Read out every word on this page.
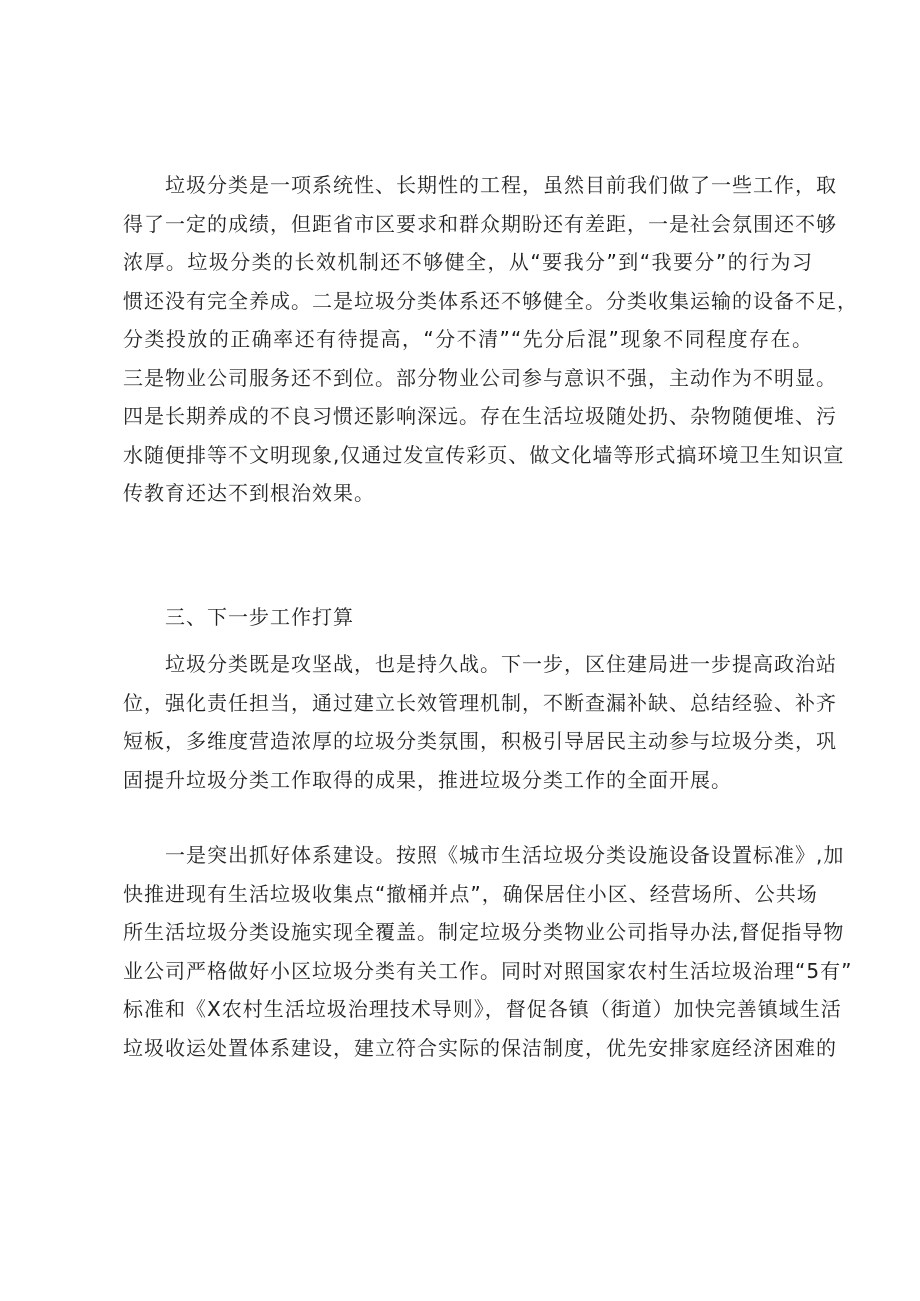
垃圾分类是一项系统性、长期性的工程，虽然目前我们做了一些工作，取
得了一定的成绩，但距省市区要求和群众期盼还有差距，一是社会氛围还不够
浓厚。垃圾分类的长效机制还不够健全，从“要我分”到“我要分”的行为习
惯还没有完全养成。二是垃圾分类体系还不够健全。分类收集运输的设备不足，
分类投放的正确率还有待提高，“分不清”“先分后混”现象不同程度存在。
三是物业公司服务还不到位。部分物业公司参与意识不强，主动作为不明显。
四是长期养成的不良习惯还影响深远。存在生活垃圾随处扔、杂物随便堆、污
水随便排等不文明现象,仅通过发宣传彩页、做文化墙等形式搞环境卫生知识宣
传教育还达不到根治效果。
三、下一步工作打算
垃圾分类既是攻坚战，也是持久战。下一步，区住建局进一步提高政治站
位，强化责任担当，通过建立长效管理机制，不断查漏补缺、总结经验、补齐
短板，多维度营造浓厚的垃圾分类氛围，积极引导居民主动参与垃圾分类，巩
固提升垃圾分类工作取得的成果，推进垃圾分类工作的全面开展。
一是突出抓好体系建设。按照《城市生活垃圾分类设施设备设置标准》,加
快推进现有生活垃圾收集点“撤桶并点”，确保居住小区、经营场所、公共场
所生活垃圾分类设施实现全覆盖。制定垃圾分类物业公司指导办法,督促指导物
业公司严格做好小区垃圾分类有关工作。同时对照国家农村生活垃圾治理“5有”
标准和《X农村生活垃圾治理技术导则》，督促各镇（街道）加快完善镇域生活
垃圾收运处置体系建设，建立符合实际的保洁制度，优先安排家庭经济困难的
